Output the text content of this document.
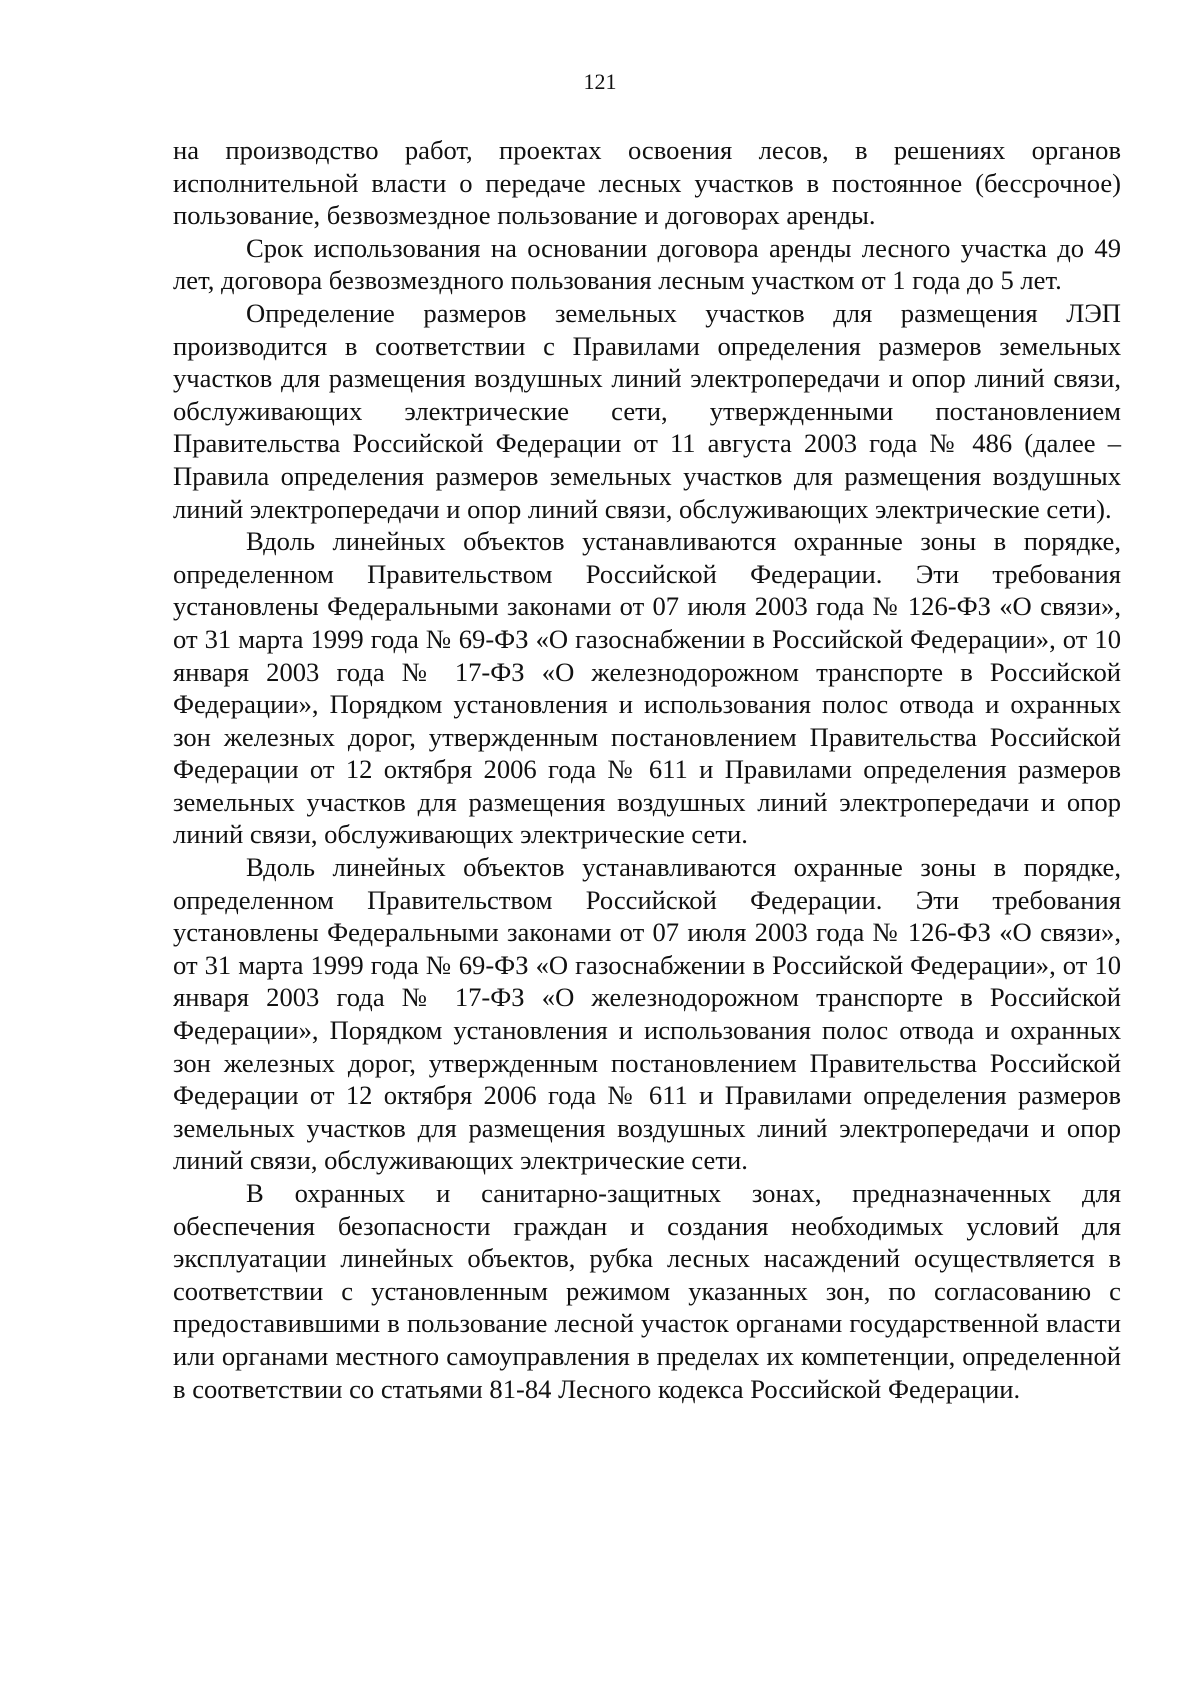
121

на производство работ, проектах освоения лесов, в решениях органов исполнительной власти о передаче лесных участков в постоянное (бессрочное) пользование, безвозмездное пользование и договорах аренды.

Срок использования на основании договора аренды лесного участка до 49 лет, договора безвозмездного пользования лесным участком от 1 года до 5 лет.

Определение размеров земельных участков для размещения ЛЭП производится в соответствии с Правилами определения размеров земельных участков для размещения воздушных линий электропередачи и опор линий связи, обслуживающих электрические сети, утвержденными постановлением Правительства Российской Федерации от 11 августа 2003 года № 486 (далее – Правила определения размеров земельных участков для размещения воздушных линий электропередачи и опор линий связи, обслуживающих электрические сети).

Вдоль линейных объектов устанавливаются охранные зоны в порядке, определенном Правительством Российской Федерации. Эти требования установлены Федеральными законами от 07 июля 2003 года № 126-ФЗ «О связи», от 31 марта 1999 года № 69-ФЗ «О газоснабжении в Российской Федерации», от 10 января 2003 года № 17-ФЗ «О железнодорожном транспорте в Российской Федерации», Порядком установления и использования полос отвода и охранных зон железных дорог, утвержденным постановлением Правительства Российской Федерации от 12 октября 2006 года № 611 и Правилами определения размеров земельных участков для размещения воздушных линий электропередачи и опор линий связи, обслуживающих электрические сети.

Вдоль линейных объектов устанавливаются охранные зоны в порядке, определенном Правительством Российской Федерации. Эти требования установлены Федеральными законами от 07 июля 2003 года № 126-ФЗ «О связи», от 31 марта 1999 года № 69-ФЗ «О газоснабжении в Российской Федерации», от 10 января 2003 года № 17-ФЗ «О железнодорожном транспорте в Российской Федерации», Порядком установления и использования полос отвода и охранных зон железных дорог, утвержденным постановлением Правительства Российской Федерации от 12 октября 2006 года № 611 и Правилами определения размеров земельных участков для размещения воздушных линий электропередачи и опор линий связи, обслуживающих электрические сети.

В охранных и санитарно-защитных зонах, предназначенных для обеспечения безопасности граждан и создания необходимых условий для эксплуатации линейных объектов, рубка лесных насаждений осуществляется в соответствии с установленным режимом указанных зон, по согласованию с предоставившими в пользование лесной участок органами государственной власти или органами местного самоуправления в пределах их компетенции, определенной в соответствии со статьями 81-84 Лесного кодекса Российской Федерации.
